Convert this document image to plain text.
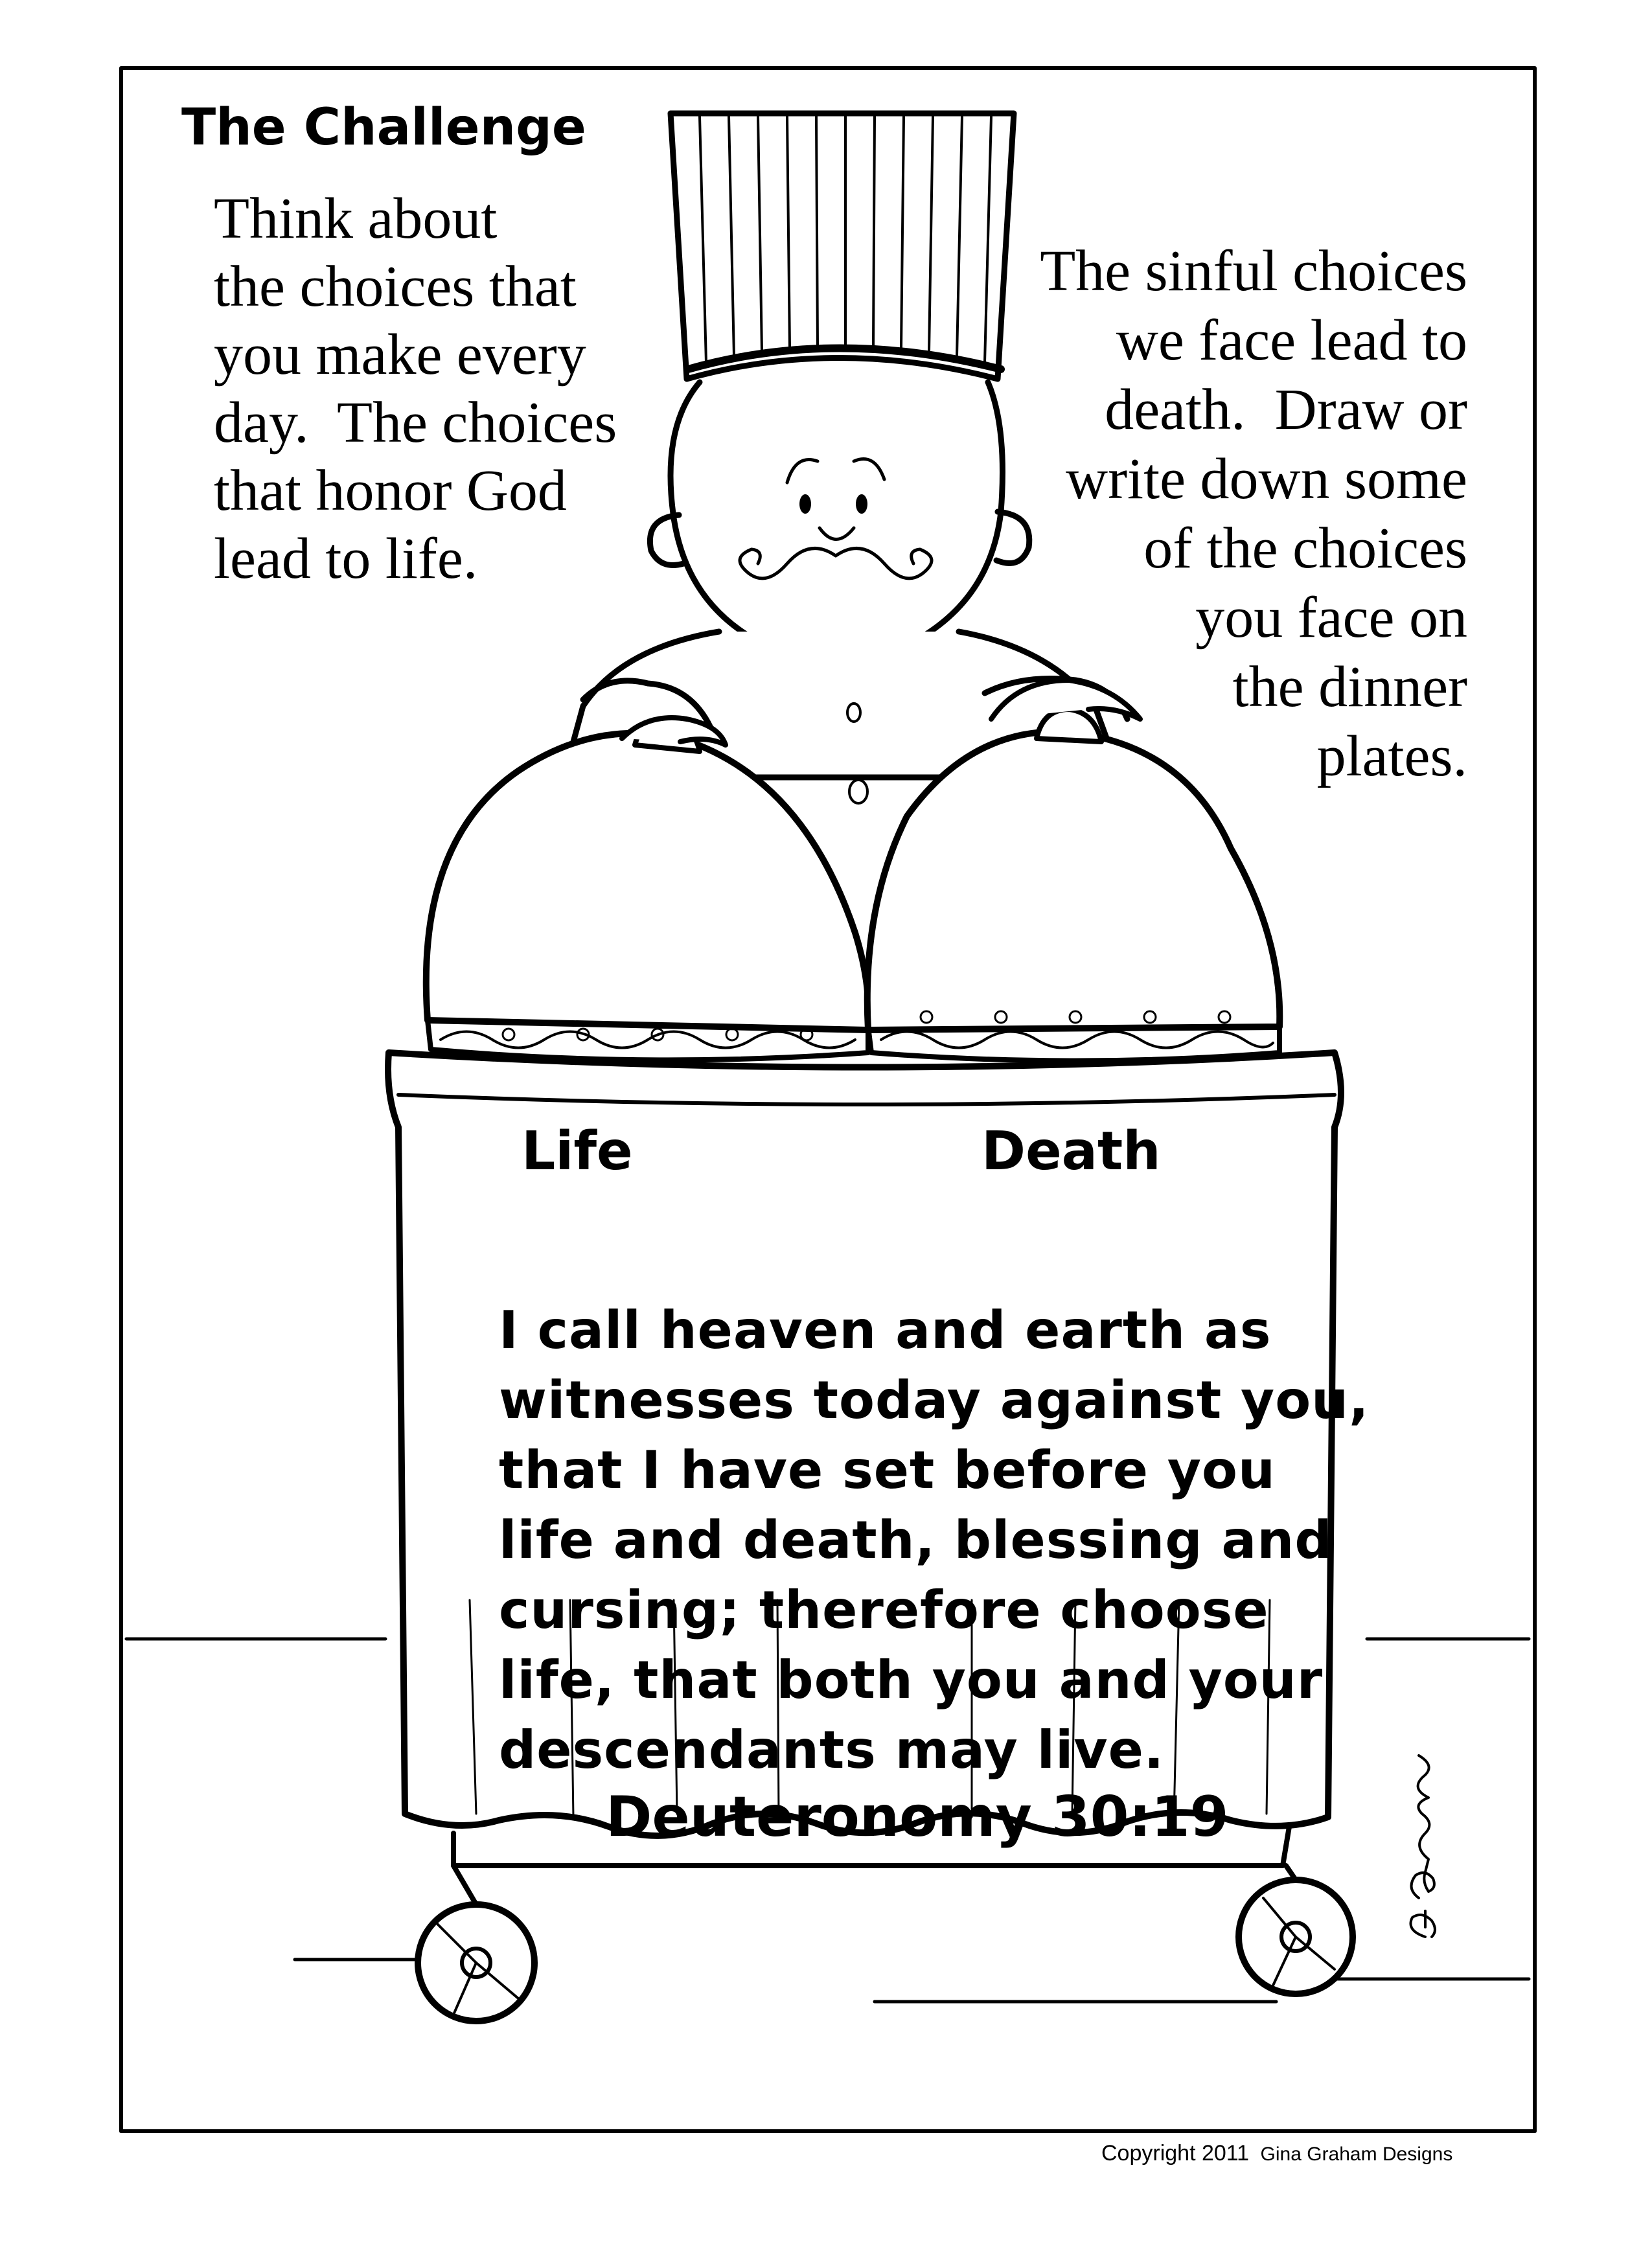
The Challenge
Think about
the choices that
you make every
day.  The choices
that honor God
lead to life.
The sinful choices
we face lead to
death.  Draw or
write down some
of the choices
you face on
the dinner
plates.
Life	Death
I call heaven and earth as
witnesses today against you,
that I have set before you
life and death, blessing and
cursing; therefore choose
life, that both you and your
descendants may live.
Deuteronomy 30:19
Copyright 2011 Gina Graham Designs
